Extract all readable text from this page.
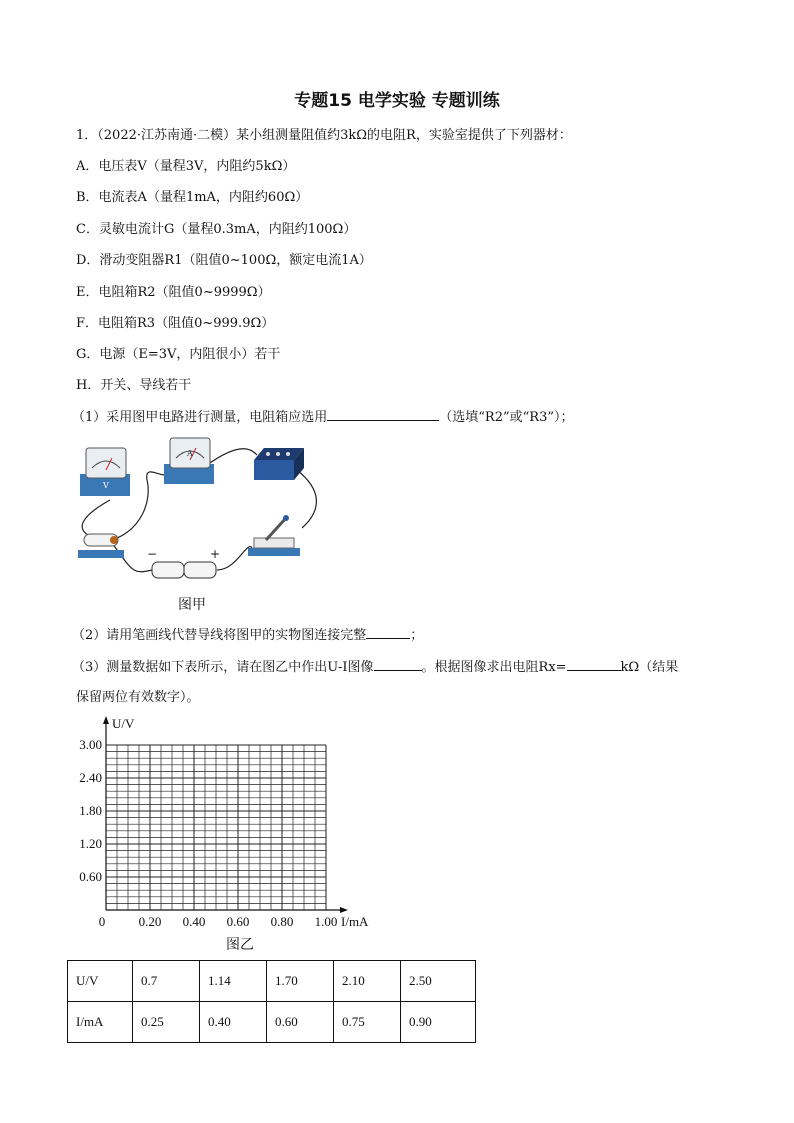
专题15 电学实验 专题训练
1．（2022·江苏南通·二模）某小组测量阻值约3kΩ的电阻R，实验室提供了下列器材：
A．电压表V（量程3V，内阻约5kΩ）
B．电流表A（量程1mA，内阻约60Ω）
C．灵敏电流计G（量程0.3mA，内阻约100Ω）
D．滑动变阻器R1（阻值0~100Ω，额定电流1A）
E．电阻箱R2（阻值0~9999Ω）
F．电阻箱R3（阻值0~999.9Ω）
G．电源（E=3V，内阻很小）若干
H．开关、导线若干
（1）采用图甲电路进行测量，电阻箱应选用	（选填“R2”或“R3”）；
V
A
−	+
图甲
（2）请用笔画线代替导线将图甲的实物图连接完整	；
（3）测量数据如下表所示，请在图乙中作出U-I图像	。根据图像求出电阻Rx=	kΩ（结果
保留两位有效数字）。
U/V
I/mA
0	0.20 0.40 0.60 0.80 1.00
3.00
2.40
1.80
1.20
0.60
图乙
U/V	0.7	1.14	1.70	2.10	2.50
I/mA	0.25	0.40	0.60	0.75	0.90
